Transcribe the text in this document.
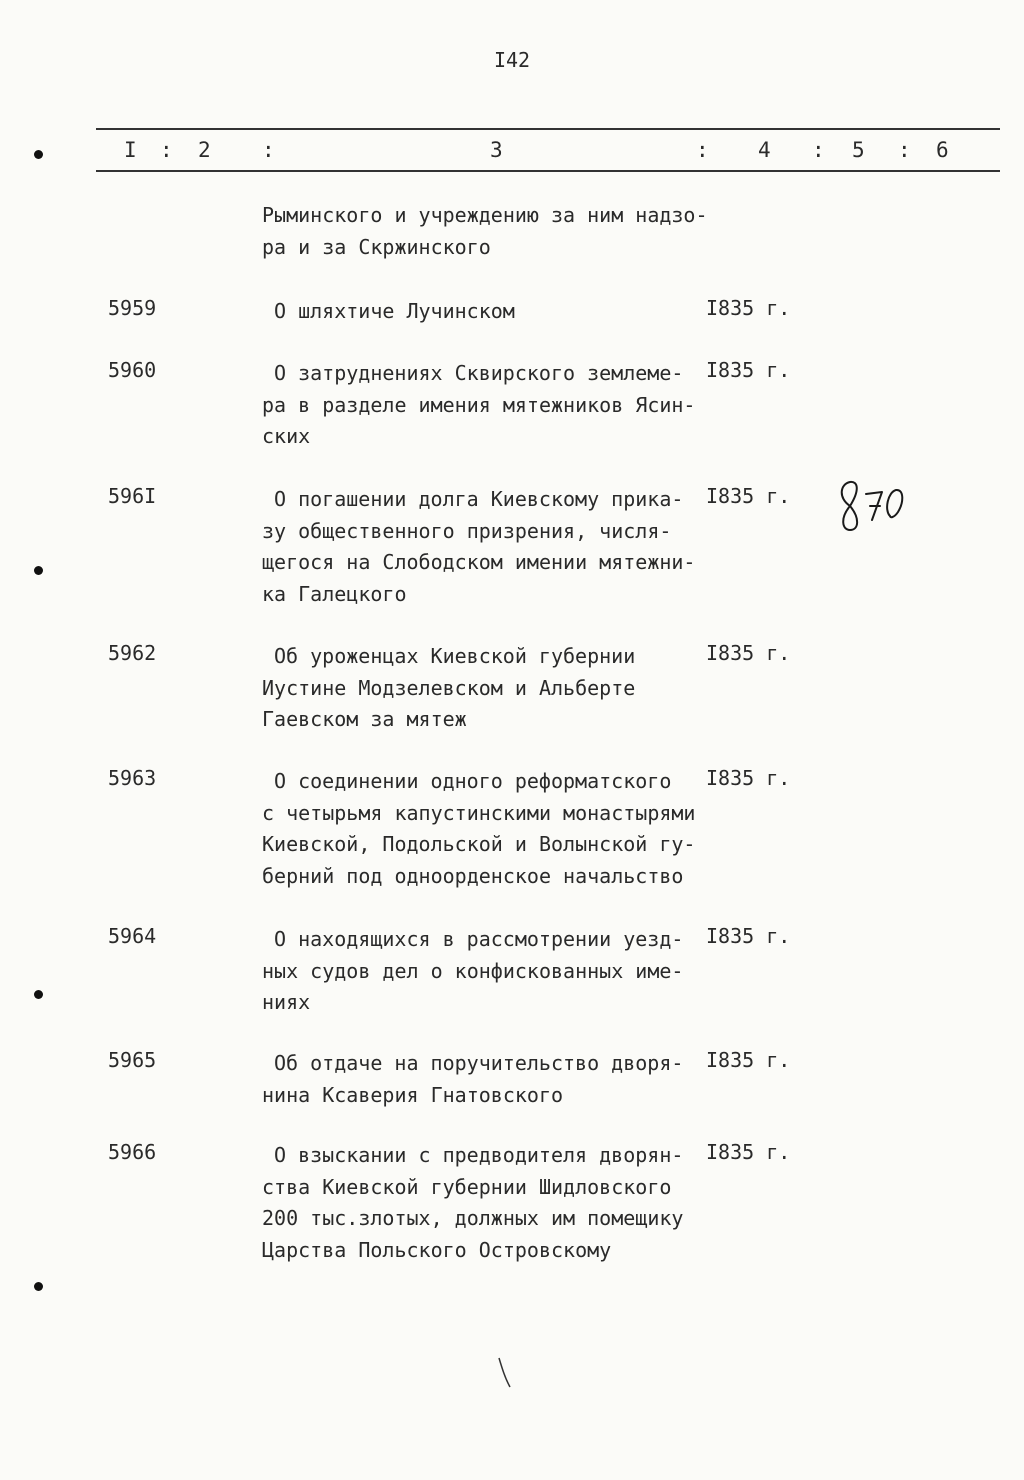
I42
I : 2 :	3	: 4 : 5 : 6
Рыминского и учреждению за ним надзо-
ра и за Скржинского
5959	О шляхтиче Лучинском	I835 г.
5960	О затруднениях Сквирского землеме-
ра в разделе имения мятежников Ясин-
ских
I835 г.
596I	О погашении долга Киевскому прика-
зу общественного призрения, числя-
щегося на Слободском имении мятежни-
ка Галецкого
I835 г.
5962	Об уроженцах Киевской губернии
Иустине Модзелевском и Альберте
Гаевском за мятеж
I835 г.
5963	О соединении одного реформатского
с четырьмя капустинскими монастырями
Киевской, Подольской и Волынской гу-
берний под одноорденское начальство
I835 г.
5964	О находящихся в рассмотрении уезд-
ных судов дел о конфискованных име-
ниях
I835 г.
5965	Об отдаче на поручительство дворя-
нина Ксаверия Гнатовского
I835 г.
5966	О взыскании с предводителя дворян-
ства Киевской губернии Шидловского
200 тыс.злотых, должных им помещику
Царства Польского Островскому
I835 г.
